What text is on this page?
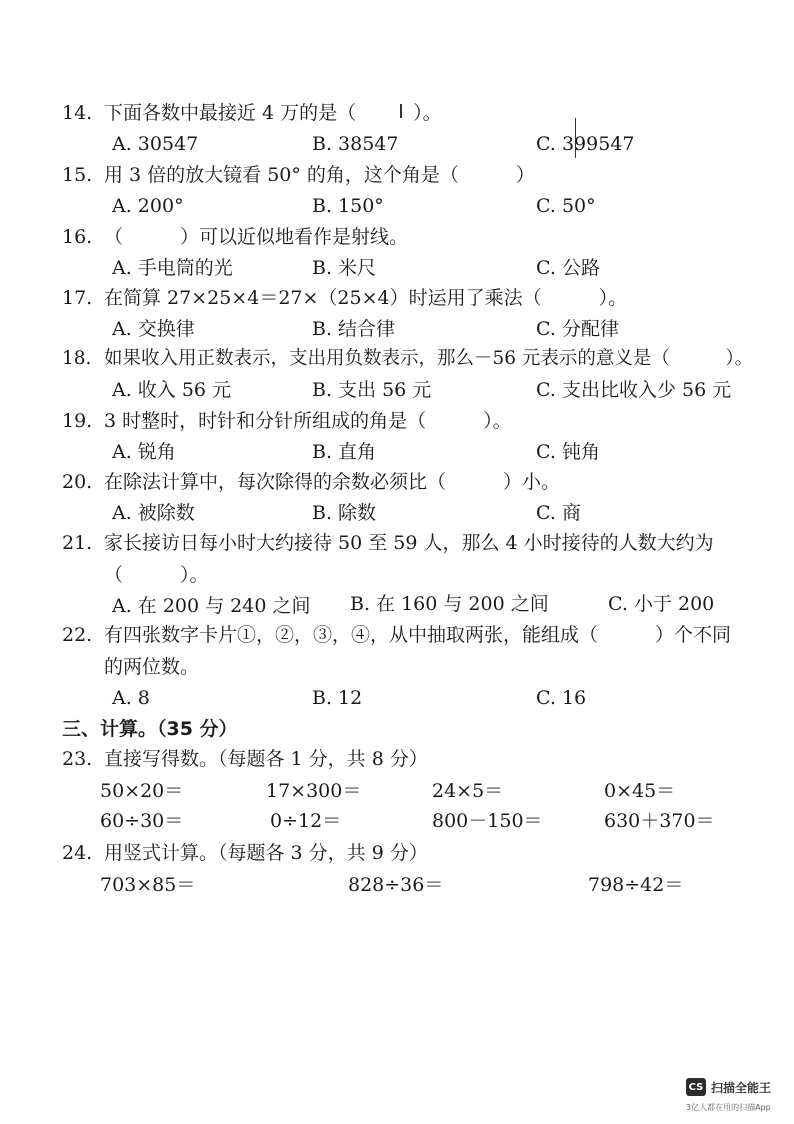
14. 下面各数中最接近 4 万的是（　　　）。
A. 30547	B. 38547	C. 399547
15. 用 3 倍的放大镜看 50° 的角，这个角是（　　　）
A. 200°	B. 150°	C. 50°
16. （　　　）可以近似地看作是射线。
A. 手电筒的光	B. 米尺	C. 公路
17. 在简算 27×25×4＝27×（25×4）时运用了乘法（　　　）。
A. 交换律	B. 结合律	C. 分配律
18. 如果收入用正数表示，支出用负数表示，那么－56 元表示的意义是（　　　）。
A. 收入 56 元	B. 支出 56 元	C. 支出比收入少 56 元
19. 3 时整时，时针和分针所组成的角是（　　　）。
A. 锐角	B. 直角	C. 钝角
20. 在除法计算中，每次除得的余数必须比（　　　）小。
A. 被除数	B. 除数	C. 商
21. 家长接访日每小时大约接待 50 至 59 人，那么 4 小时接待的人数大约为
（　　　）。
A. 在 200 与 240 之间 B. 在 160 与 200 之间	C. 小于 200
22. 有四张数字卡片①，②，③，④，从中抽取两张，能组成（　　　）个不同
的两位数。
A. 8	B. 12	C. 16
三、计算。（35 分）
23. 直接写得数。（每题各 1 分，共 8 分）
50×20＝	17×300＝	24×5＝	0×45＝
60÷30＝	0÷12＝	800－150＝	630＋370＝
24. 用竖式计算。（每题各 3 分，共 9 分）
703×85＝	828÷36＝	798÷42＝
CS 扫描全能王
3亿人都在用的扫描App
